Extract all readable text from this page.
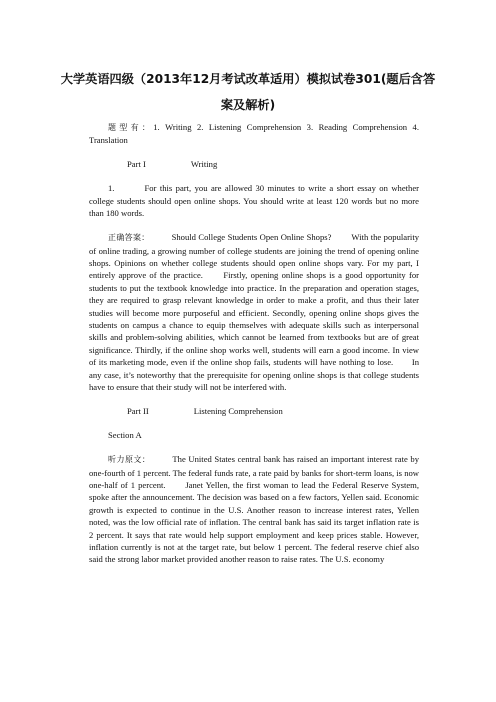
大学英语四级（2013年12月考试改革适用）模拟试卷301(题后含答
案及解析)

题型有：1. Writing 2. Listening Comprehension 3. Reading Comprehension 4. Translation

Part I	Writing

1.	For this part, you are allowed 30 minutes to write a short essay on whether college students should open online shops. You should write at least 120 words but no more than 180 words.

正确答案：	Should College Students Open Online Shops? With the popularity of online trading, a growing number of college students are joining the trend of opening online shops. Opinions on whether college students should open online shops vary. For my part, I entirely approve of the practice.　　Firstly, opening online shops is a good opportunity for students to put the textbook knowledge into practice. In the preparation and operation stages, they are required to grasp relevant knowledge in order to make a profit, and thus their later studies will become more purposeful and efficient. Secondly, opening online shops gives the students on campus a chance to equip themselves with adequate skills such as interpersonal skills and problem-solving abilities, which cannot be learned from textbooks but are of great significance. Thirdly, if the online shop works well, students will earn a good income. In view of its marketing mode, even if the online shop fails, students will have nothing to lose.　　In any case, it’s noteworthy that the prerequisite for opening online shops is that college students have to ensure that their study will not be interfered with.

Part II	Listening Comprehension

Section A

听力原文：	The United States central bank has raised an important interest rate by one-fourth of 1 percent. The federal funds rate, a rate paid by banks for short-term loans, is now one-half of 1 percent.　　Janet Yellen, the first woman to lead the Federal Reserve System, spoke after the announcement. The decision was based on a few factors, Yellen said. Economic growth is expected to continue in the U.S. Another reason to increase interest rates, Yellen noted, was the low official rate of inflation. The central bank has said its target inflation rate is 2 percent. It says that rate would help support employment and keep prices stable. However, inflation currently is not at the target rate, but below 1 percent. The federal reserve chief also said the strong labor market provided another reason to raise rates. The U.S. economy
